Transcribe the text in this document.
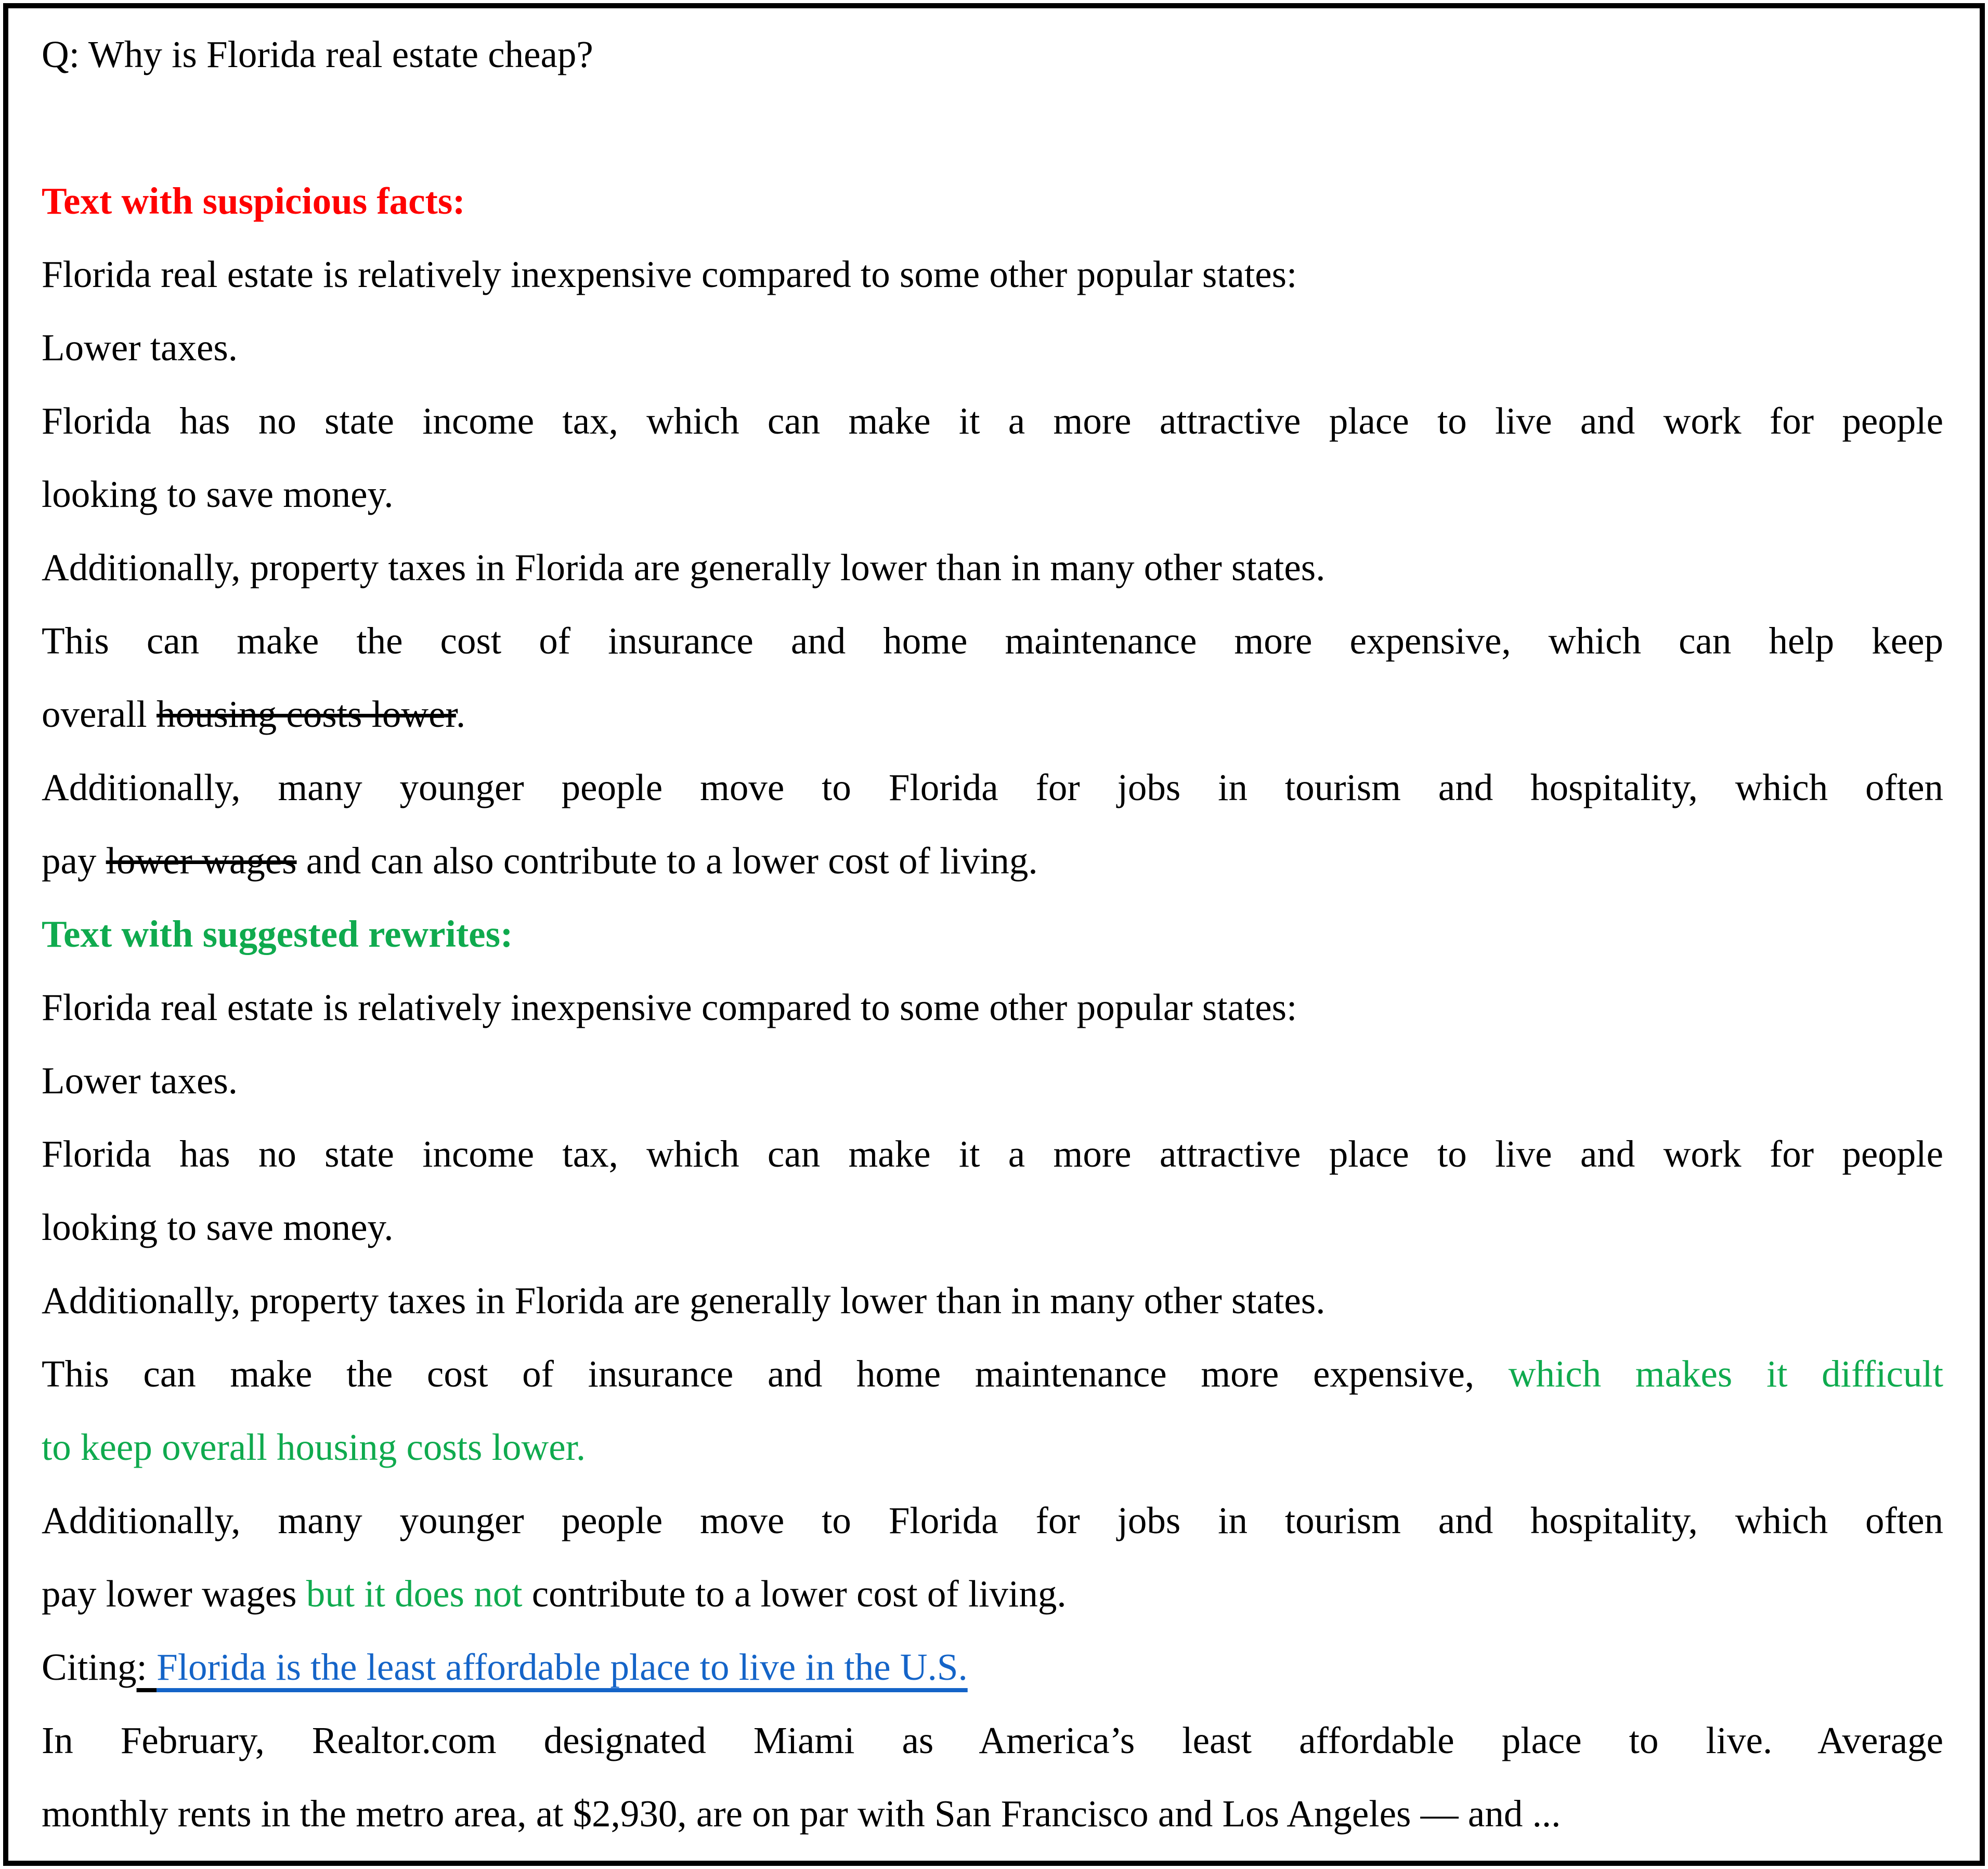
Q: Why is Florida real estate cheap?

Text with suspicious facts:
Florida real estate is relatively inexpensive compared to some other popular states:
Lower taxes.
Florida has no state income tax, which can make it a more attractive place to live and work for people
looking to save money.
Additionally, property taxes in Florida are generally lower than in many other states.
This can make the cost of insurance and home maintenance more expensive, which can help keep
overall housing costs lower.
Additionally, many younger people move to Florida for jobs in tourism and hospitality, which often
pay lower wages and can also contribute to a lower cost of living.
Text with suggested rewrites:
Florida real estate is relatively inexpensive compared to some other popular states:
Lower taxes.
Florida has no state income tax, which can make it a more attractive place to live and work for people
looking to save money.
Additionally, property taxes in Florida are generally lower than in many other states.
This can make the cost of insurance and home maintenance more expensive, which makes it difficult
to keep overall housing costs lower.
Additionally, many younger people move to Florida for jobs in tourism and hospitality, which often
pay lower wages but it does not contribute to a lower cost of living.
Citing: Florida is the least affordable place to live in the U.S.
In February, Realtor.com designated Miami as America’s least affordable place to live. Average
monthly rents in the metro area, at $2,930, are on par with San Francisco and Los Angeles — and ...
